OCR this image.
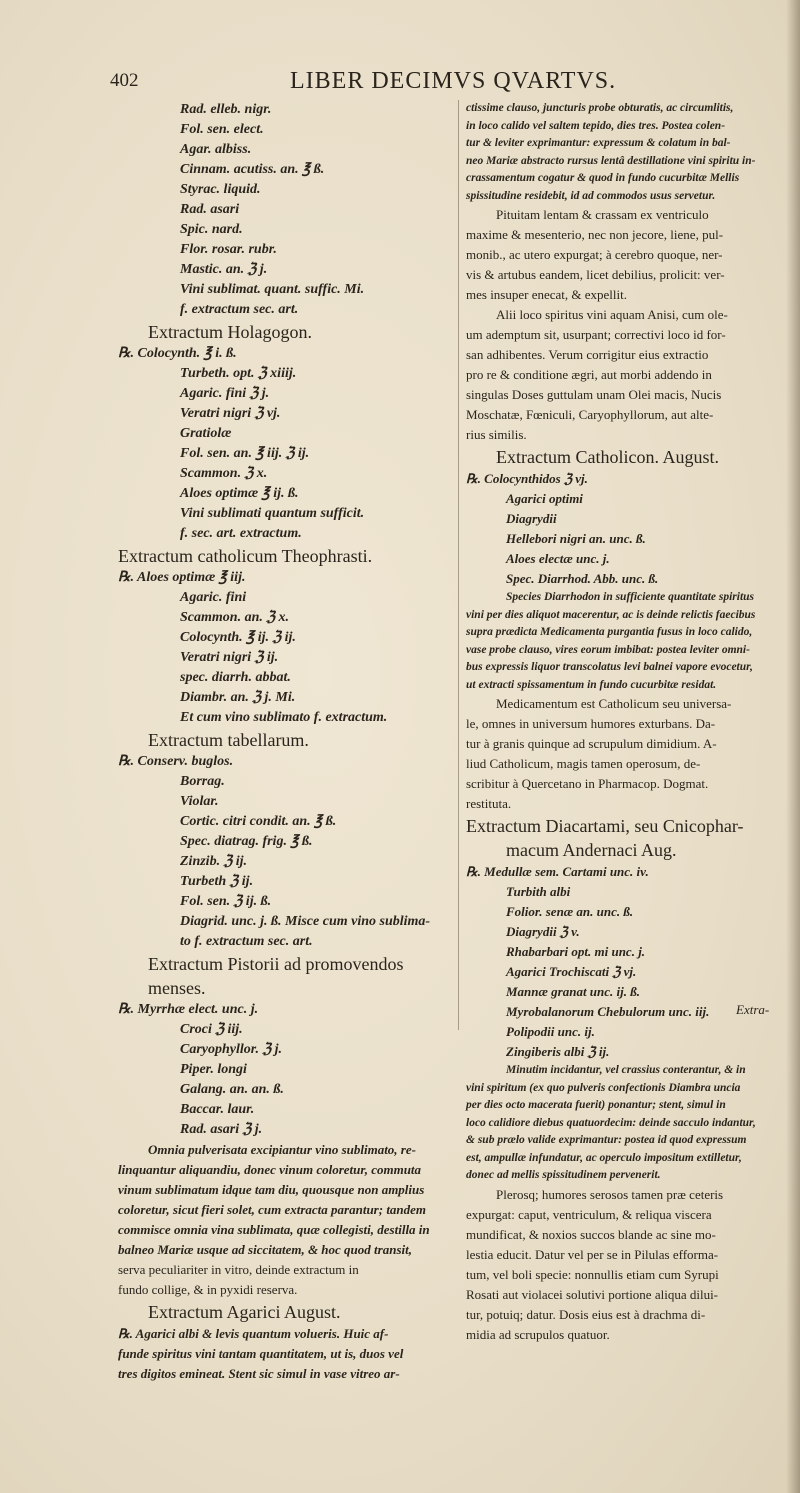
402	LIBER DECIMVS QVARTVS.
Rad. elleb. nigr.
Fol. sen. elect.
Agar. albiss.
Cinnam. acutiss. an. ℥ ß.
Styrac. liquid.
Rad. asari
Spic. nard.
Flor. rosar. rubr.
Mastic. an. ℨ j.
Vini sublimat. quant. suffic. Mi.
f. extractum sec. art.
Extractum Holagogon.
℞. Colocynth. ℥ i. ß.
Turbeth. opt. ℨ xiiij.
Agaric. fini ℨ j.
Veratri nigri ℨ vj.
Gratiolæ
Fol. sen. an. ℥ iij. ℨ ij.
Scammon. ℨ x.
Aloes optimæ ℥ ij. ß.
Vini sublimati quantum sufficit.
f. sec. art. extractum.
Extractum catholicum Theophrasti.
℞. Aloes optimæ ℥ iij.
Agaric. fini
Scammon. an. ℨ x.
Colocynth. ℥ ij. ℨ ij.
Veratri nigri ℨ ij.
spec. diarrh. abbat.
Diambr. an. ℨ j. Mi.
Et cum vino sublimato f. extractum.
Extractum tabellarum.
℞. Conserv. buglos.
Borrag.
Violar.
Cortic. citri condit. an. ℥ ß.
Spec. diatrag. frig. ℥ ß.
Zinzib. ℨ ij.
Turbeth ℨ ij.
Fol. sen. ℨ ij. ß.
Diagrid. unc. j. ß. Misce cum vino sublima-
to f. extractum sec. art.
Extractum Pistorii ad promovendos
menses.
℞. Myrrhæ elect. unc. j.
Croci ℨ iij.
Caryophyllor. ℨ j.
Piper. longi
Galang. an. an. ß.
Baccar. laur.
Rad. asari ℨ j.
Omnia pulverisata excipiantur vino sublimato, re-
linquantur aliquandiu, donec vinum coloretur, commuta
vinum sublimatum idque tam diu, quousque non amplius
coloretur, sicut fieri solet, cum extracta parantur; tandem
commisce omnia vina sublimata, quæ collegisti, destilla in
balneo Mariæ usque ad siccitatem, & hoc quod transit,
serva peculiariter in vitro, deinde extractum in
fundo collige, & in pyxidi reserva.
Extractum Agarici August.
℞. Agarici albi & levis quantum volueris. Huic af-
funde spiritus vini tantam quantitatem, ut is, duos vel
tres digitos emineat. Stent sic simul in vase vitreo ar-
ctissime clauso, juncturis probe obturatis, ac circumlitis,
in loco calido vel saltem tepido, dies tres. Postea colen-
tur & leviter exprimantur: expressum & colatum in bal-
neo Mariæ abstracto rursus lentâ destillatione vini spiritu in-
crassamentum cogatur & quod in fundo cucurbitæ Mellis
spissitudine residebit, id ad commodos usus servetur.
Pituitam lentam & crassam ex ventriculo
maxime & mesenterio, nec non jecore, liene, pul-
monib., ac utero expurgat; à cerebro quoque, ner-
vis & artubus eandem, licet debilius, prolicit: ver-
mes insuper enecat, & expellit.
Alii loco spiritus vini aquam Anisi, cum ole-
um ademptum sit, usurpant; correctivi loco id for-
san adhibentes. Verum corrigitur eius extractio
pro re & conditione ægri, aut morbi addendo in
singulas Doses guttulam unam Olei macis, Nucis
Moschatæ, Fœniculi, Caryophyllorum, aut alte-
rius similis.
Extractum Catholicon. August.
℞. Colocynthidos ℨ vj.
Agarici optimi
Diagrydii
Hellebori nigri an. unc. ß.
Aloes electæ unc. j.
Spec. Diarrhod. Abb. unc. ß.
Species Diarrhodon in sufficiente quantitate spiritus
vini per dies aliquot macerentur, ac is deinde relictis faecibus
supra prædicta Medicamenta purgantia fusus in loco calido,
vase probe clauso, vires eorum imbibat: postea leviter omni-
bus expressis liquor transcolatus levi balnei vapore evocetur,
ut extracti spissamentum in fundo cucurbitæ residat.
Medicamentum est Catholicum seu universa-
le, omnes in universum humores exturbans. Da-
tur à granis quinque ad scrupulum dimidium. A-
liud Catholicum, magis tamen operosum, de-
scribitur à Quercetano in Pharmacop. Dogmat.
restituta.
Extractum Diacartami, seu Cnicophar-
macum Andernaci Aug.
℞. Medullæ sem. Cartami unc. iv.
Turbith albi
Folior. senæ an. unc. ß.
Diagrydii ℨ v.
Rhabarbari opt. mi unc. j.
Agarici Trochiscati ℨ vj.
Mannæ granat unc. ij. ß.
Myrobalanorum Chebulorum unc. iij.
Polipodii unc. ij.
Zingiberis albi ℨ ij.
Minutim incidantur, vel crassius conterantur, & in
vini spiritum (ex quo pulveris confectionis Diambra uncia
per dies octo macerata fuerit) ponantur; stent, simul in
loco calidiore diebus quatuordecim: deinde sacculo indantur,
& sub prælo valide exprimantur: postea id quod expressum
est, ampullæ infundatur, ac operculo impositum extilletur,
donec ad mellis spissitudinem pervenerit.
Plerosq; humores serosos tamen præ ceteris
expurgat: caput, ventriculum, & reliqua viscera
mundificat, & noxios succos blande ac sine mo-
lestia educit. Datur vel per se in Pilulas efforma-
tum, vel boli specie: nonnullis etiam cum Syrupi
Rosati aut violacei solutivi portione aliqua dilui-
tur, potuiq; datur. Dosis eius est à drachma di-
midia ad scrupulos quatuor.
Extra-
